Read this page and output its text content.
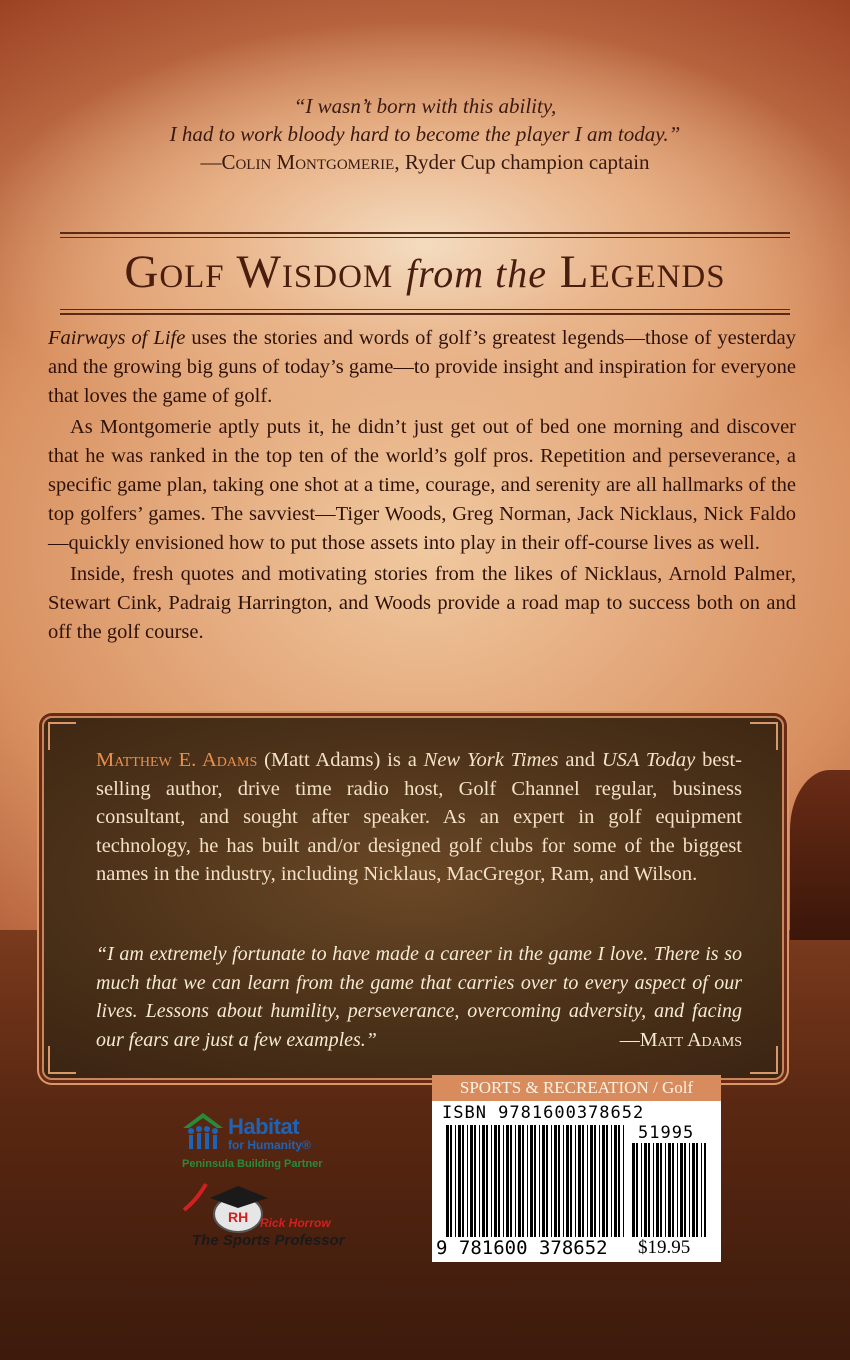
“I wasn’t born with this ability,
I had to work bloody hard to become the player I am today.”
—Colin Montgomerie, Ryder Cup champion captain
Golf Wisdom from the Legends

Fairways of Life uses the stories and words of golf’s greatest legends—those of yesterday and the growing big guns of today’s game—to provide insight and inspiration for everyone that loves the game of golf.

As Montgomerie aptly puts it, he didn’t just get out of bed one morning and discover that he was ranked in the top ten of the world’s golf pros. Repetition and perseverance, a specific game plan, taking one shot at a time, courage, and serenity are all hallmarks of the top golfers’ games. The savviest—Tiger Woods, Greg Norman, Jack Nicklaus, Nick Faldo—quickly envisioned how to put those assets into play in their off-course lives as well.

Inside, fresh quotes and motivating stories from the likes of Nicklaus, Arnold Palmer, Stewart Cink, Padraig Harrington, and Woods provide a road map to success both on and off the golf course.

Matthew E. Adams (Matt Adams) is a New York Times and USA Today best-selling author, drive time radio host, Golf Channel regular, business consultant, and sought after speaker. As an expert in golf equipment technology, he has built and/or designed golf clubs for some of the biggest names in the industry, including Nicklaus, MacGregor, Ram, and Wilson.
“I am extremely fortunate to have made a career in the game I love. There is so much that we can learn from the game that carries over to every aspect of our lives. Lessons about humility, perseverance, overcoming adversity, and facing our fears are just a few examples.”	—Matt Adams
Habitat
for Humanity®
Peninsula Building Partner
RH Rick Horrow
The Sports Professor
SPORTS & RECREATION / Golf
ISBN 9781600378652
51995
9 781600 378652 $19.95
